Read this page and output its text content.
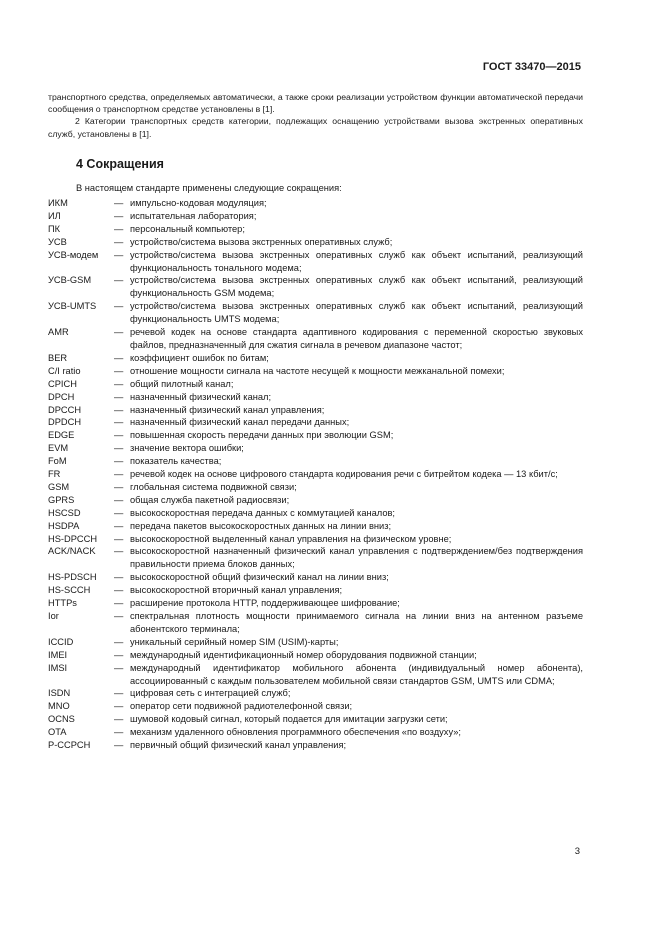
ГОСТ 33470—2015

транспортного средства, определяемых автоматически, а также сроки реализации устройством функции автоматической передачи сообщения о транспортном средстве установлены в [1].

2 Категории транспортных средств категории, подлежащих оснащению устройствами вызова экстренных оперативных служб, установлены в [1].

4 Сокращения
В настоящем стандарте применены следующие сокращения:
ИКМ	— импульсно-кодовая модуляция;
ИЛ	— испытательная лаборатория;
ПК	— персональный компьютер;
УСВ	— устройство/система вызова экстренных оперативных служб;
УСВ-модем	— устройство/система вызова экстренных оперативных служб как объект испытаний, реализующий функциональность тонального модема;
УСВ-GSM	— устройство/система вызова экстренных оперативных служб как объект испытаний, реализующий функциональность GSM модема;
УСВ-UMTS	— устройство/система вызова экстренных оперативных служб как объект испытаний, реализующий функциональность UMTS модема;
AMR	— речевой кодек на основе стандарта адаптивного кодирования с переменной скоростью звуковых файлов, предназначенный для сжатия сигнала в речевом диапазоне частот;
BER	— коэффициент ошибок по битам;
C/I ratio	— отношение мощности сигнала на частоте несущей к мощности межканальной помехи;
CPICH	— общий пилотный канал;
DPCH	— назначенный физический канал;
DPCCH	— назначенный физический канал управления;
DPDCH	— назначенный физический канал передачи данных;
EDGE	— повышенная скорость передачи данных при эволюции GSM;
EVM	— значение вектора ошибки;
FoM	— показатель качества;
FR	— речевой кодек на основе цифрового стандарта кодирования речи с битрейтом кодека — 13 кбит/с;
GSM	— глобальная система подвижной связи;
GPRS	— общая служба пакетной радиосвязи;
HSCSD	— высокоскоростная передача данных с коммутацией каналов;
HSDPA	— передача пакетов высокоскоростных данных на линии вниз;
HS-DPCCH	— высокоскоростной выделенный канал управления на физическом уровне;
ACK/NACK	— высокоскоростной назначенный физический канал управления с подтверждением/без подтверждения правильности приема блоков данных;
HS-PDSCH	— высокоскоростной общий физический канал на линии вниз;
HS-SCCH	— высокоскоростной вторичный канал управления;
HTTPs	— расширение протокола HTTP, поддерживающее шифрование;
Ior	— спектральная плотность мощности принимаемого сигнала на линии вниз на антенном разъеме абонентского терминала;
ICCID	— уникальный серийный номер SIM (USIM)-карты;
IMEI	— международный идентификационный номер оборудования подвижной станции;
IMSI	— международный идентификатор мобильного абонента (индивидуальный номер абонента), ассоциированный с каждым пользователем мобильной связи стандартов GSM, UMTS или CDMA;
ISDN	— цифровая сеть с интеграцией служб;
MNO	— оператор сети подвижной радиотелефонной связи;
OCNS	— шумовой кодовый сигнал, который подается для имитации загрузки сети;
OTA	— механизм удаленного обновления программного обеспечения «по воздуху»;
P-CCPCH	— первичный общий физический канал управления;
3
